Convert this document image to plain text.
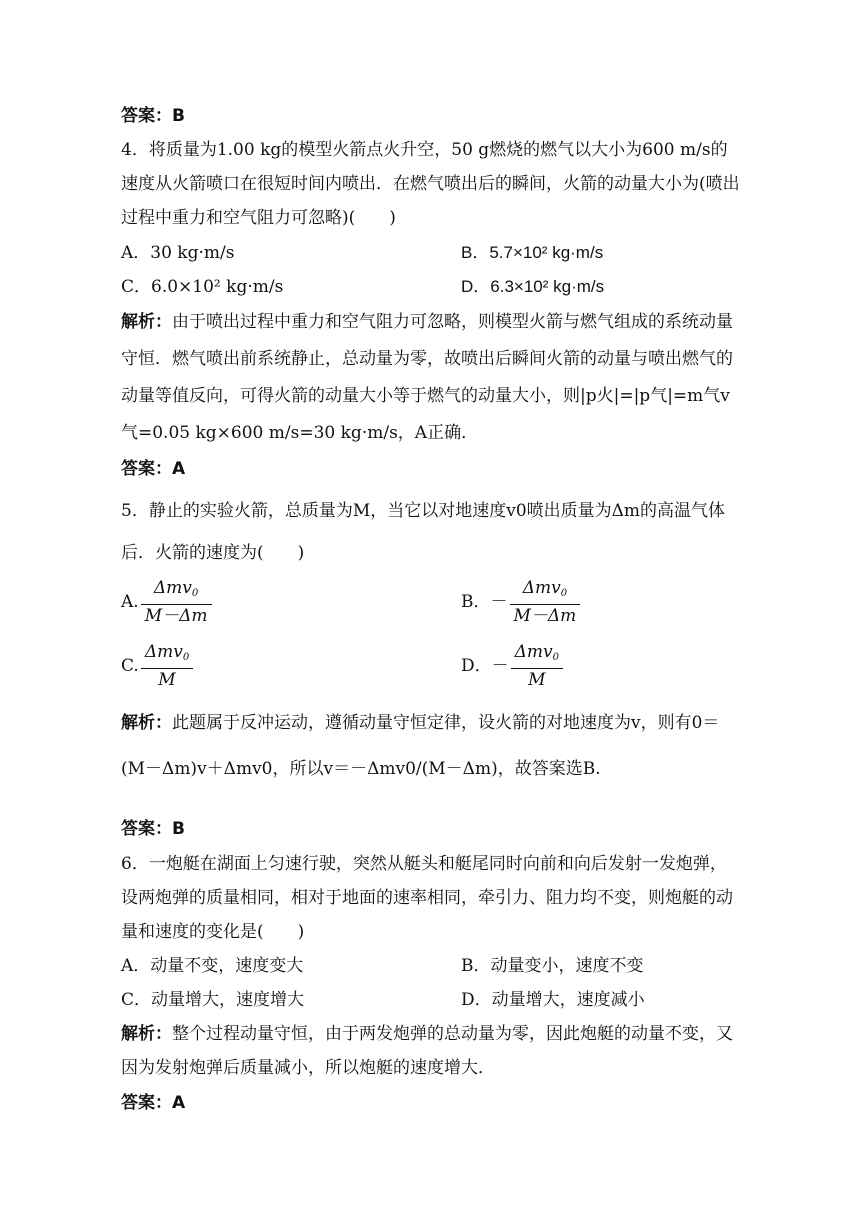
答案：B
4．将质量为1.00 kg的模型火箭点火升空，50 g燃烧的燃气以大小为600 m/s的速度从火箭喷口在很短时间内喷出．在燃气喷出后的瞬间，火箭的动量大小为(喷出过程中重力和空气阻力可忽略)(　　)
A．30 kg·m/s	B．5.7×10² kg·m/s
C．6.0×10² kg·m/s	D．6.3×10² kg·m/s
解析：由于喷出过程中重力和空气阻力可忽略，则模型火箭与燃气组成的系统动量守恒．燃气喷出前系统静止，总动量为零，故喷出后瞬间火箭的动量与喷出燃气的动量等值反向，可得火箭的动量大小等于燃气的动量大小，则|p火|=|p气|=m气v气=0.05 kg×600 m/s=30 kg·m/s，A正确．
答案：A
5．静止的实验火箭，总质量为M，当它以对地速度v0喷出质量为Δm的高温气体后．火箭的速度为(　　)
A. $\frac{\Delta mv_0}{M-\Delta m}$	B．－ $\frac{\Delta mv_0}{M-\Delta m}$
C. $\frac{\Delta mv_0}{M}$	D．－ $\frac{\Delta mv_0}{M}$
解析：此题属于反冲运动，遵循动量守恒定律，设火箭的对地速度为v，则有0＝(M－Δm)v＋Δmv0，所以v＝－Δmv0/(M－Δm)，故答案选B.
答案：B
6．一炮艇在湖面上匀速行驶，突然从艇头和艇尾同时向前和向后发射一发炮弹，设两炮弹的质量相同，相对于地面的速率相同，牵引力、阻力均不变，则炮艇的动量和速度的变化是(　　)
A．动量不变，速度变大	B．动量变小，速度不变
C．动量增大，速度增大	D．动量增大，速度减小
解析：整个过程动量守恒，由于两发炮弹的总动量为零，因此炮艇的动量不变，又因为发射炮弹后质量减小，所以炮艇的速度增大．
答案：A
